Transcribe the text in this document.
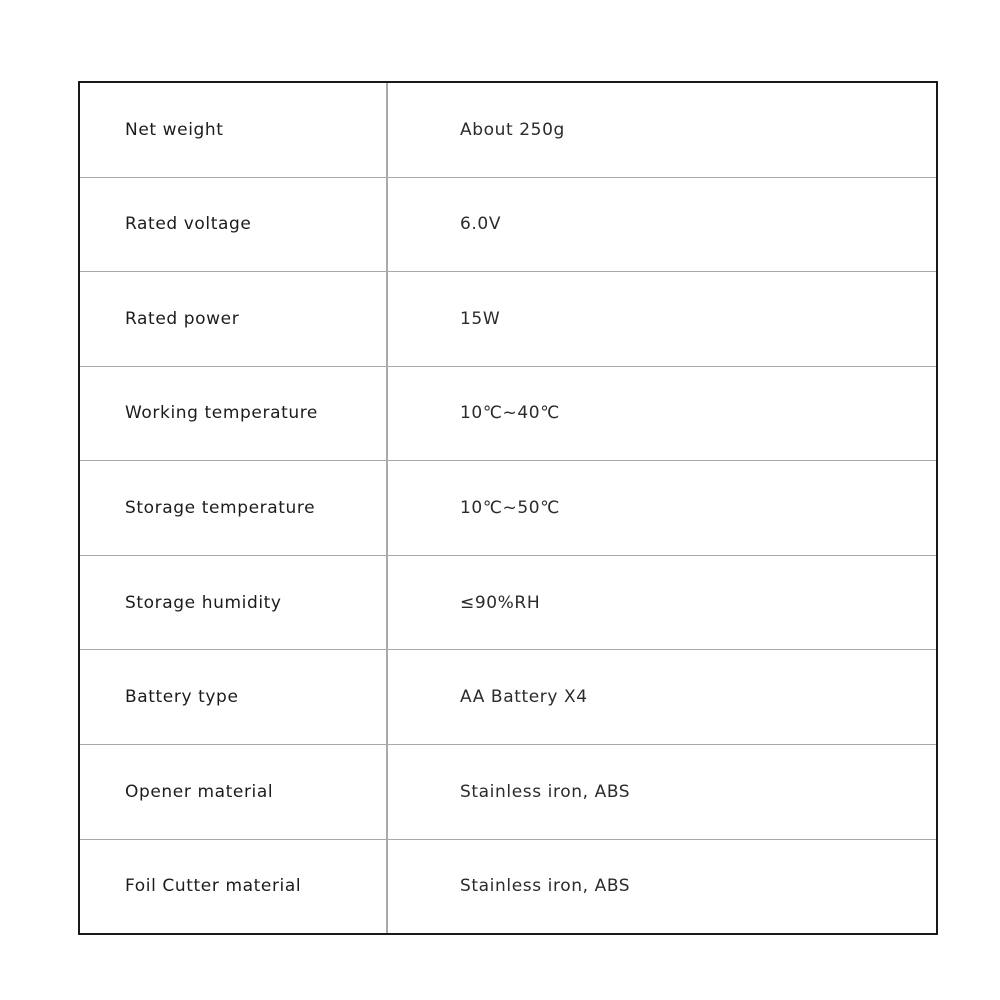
Net weight	About 250g
Rated voltage	6.0V
Rated power	15W
Working temperature	10℃~40℃
Storage temperature	10℃~50℃
Storage humidity	≤90%RH
Battery type	AA Battery X4
Opener material	Stainless iron, ABS
Foil Cutter material	Stainless iron, ABS
